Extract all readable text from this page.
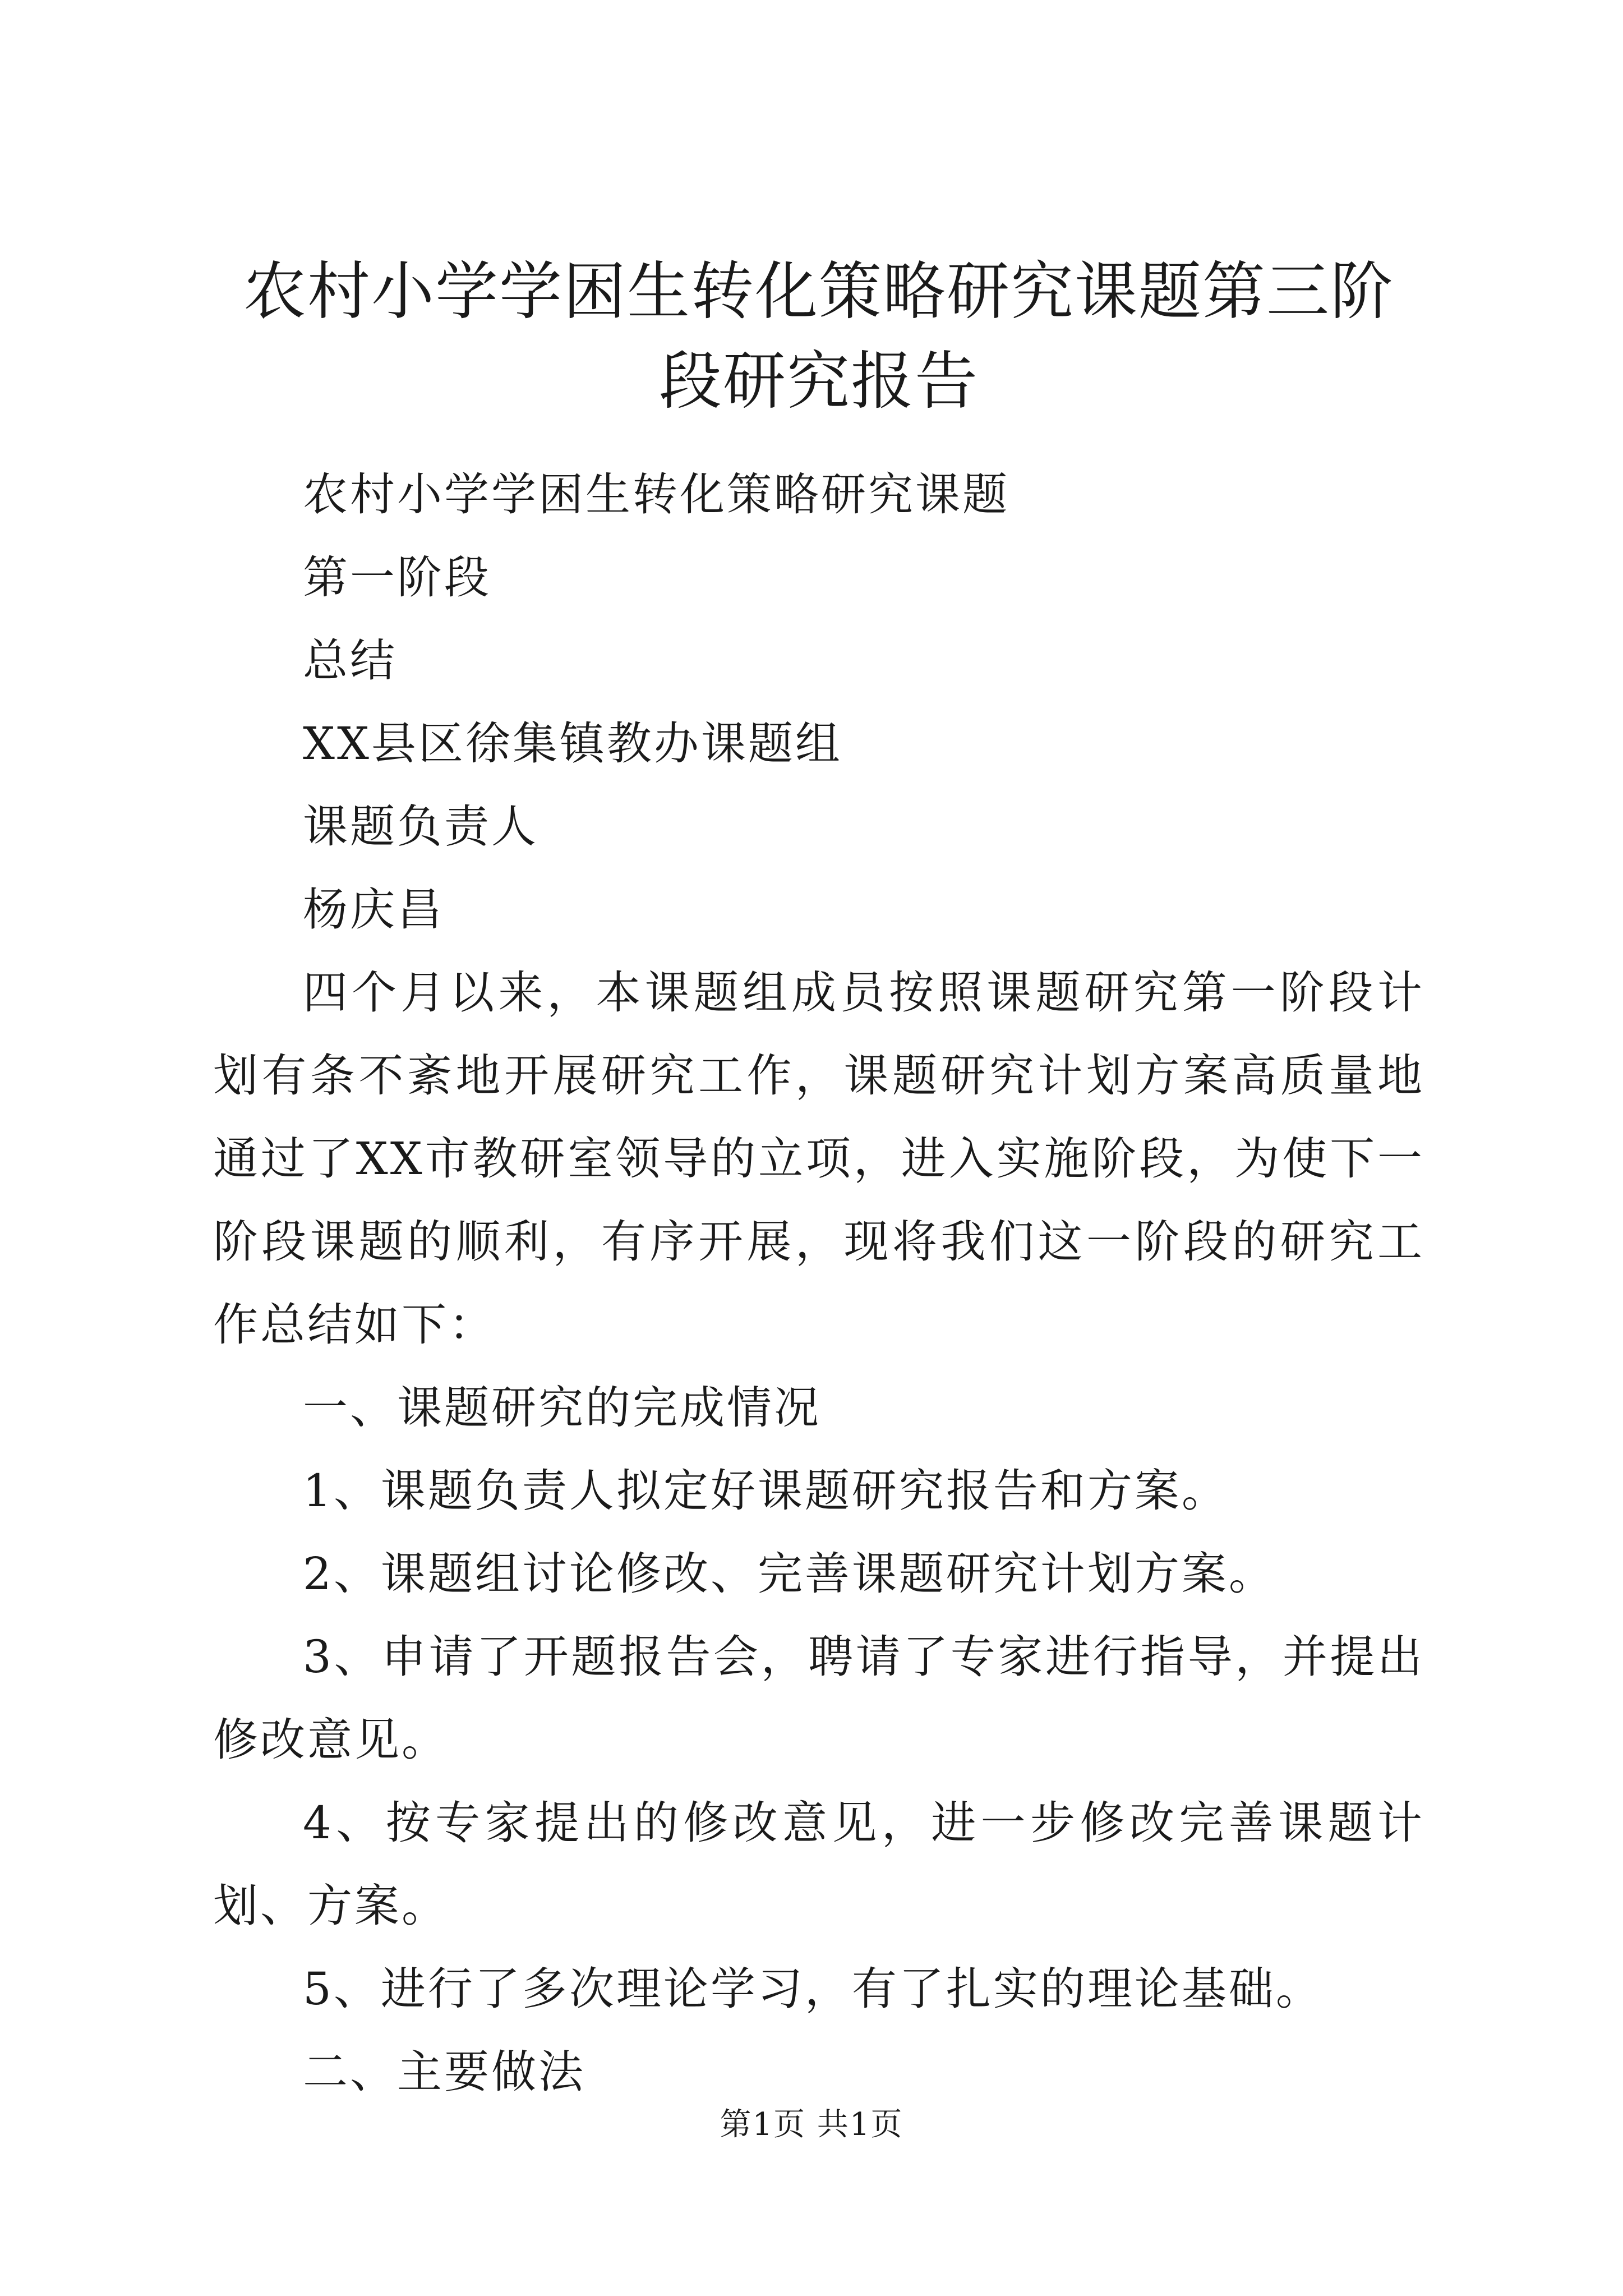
农村小学学困生转化策略研究课题第三阶段研究报告

农村小学学困生转化策略研究课题

第一阶段

总结

XX县区徐集镇教办课题组

课题负责人

杨庆昌

四个月以来，本课题组成员按照课题研究第一阶段计划有条不紊地开展研究工作，课题研究计划方案高质量地通过了XX市教研室领导的立项，进入实施阶段，为使下一阶段课题的顺利，有序开展，现将我们这一阶段的研究工作总结如下：

一、课题研究的完成情况

1、课题负责人拟定好课题研究报告和方案。

2、课题组讨论修改、完善课题研究计划方案。

3、申请了开题报告会，聘请了专家进行指导，并提出修改意见。

4、按专家提出的修改意见，进一步修改完善课题计划、方案。

5、进行了多次理论学习，有了扎实的理论基础。

二、主要做法

第1页 共1页
